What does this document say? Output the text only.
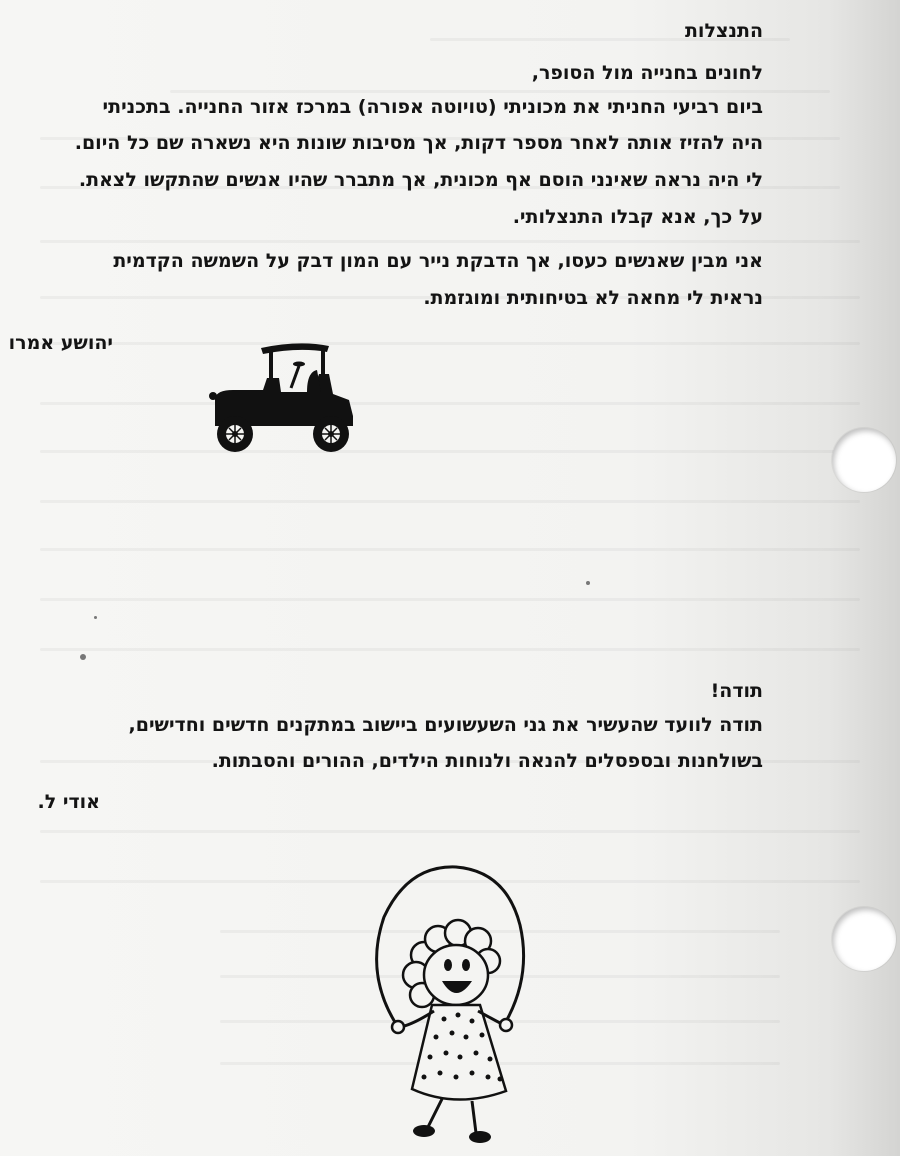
התנצלות

לחונים בחנייה מול הסופר,

ביום רביעי החניתי את מכוניתי (טויוטה אפורה) במרכז אזור החנייה. בתכניתי

היה להזיז אותה לאחר מספר דקות, אך מסיבות שונות היא נשארה שם כל היום.

לי היה נראה שאינני הוסם אף מכונית, אך מתברר שהיו אנשים שהתקשו לצאת.

על כך, אנא קבלו התנצלותי.

אני מבין שאנשים כעסו, אך הדבקת נייר עם המון דבק על השמשה הקדמית

נראית לי מחאה לא בטיחותית ומוגזמת.

יהושע אמרו

תודה!

תודה לוועד שהעשיר את גני השעשועים ביישוב במתקנים חדשים וחדישים,

בשולחנות ובספסלים להנאה ולנוחות הילדים, ההורים והסבתות.

אודי ל.
